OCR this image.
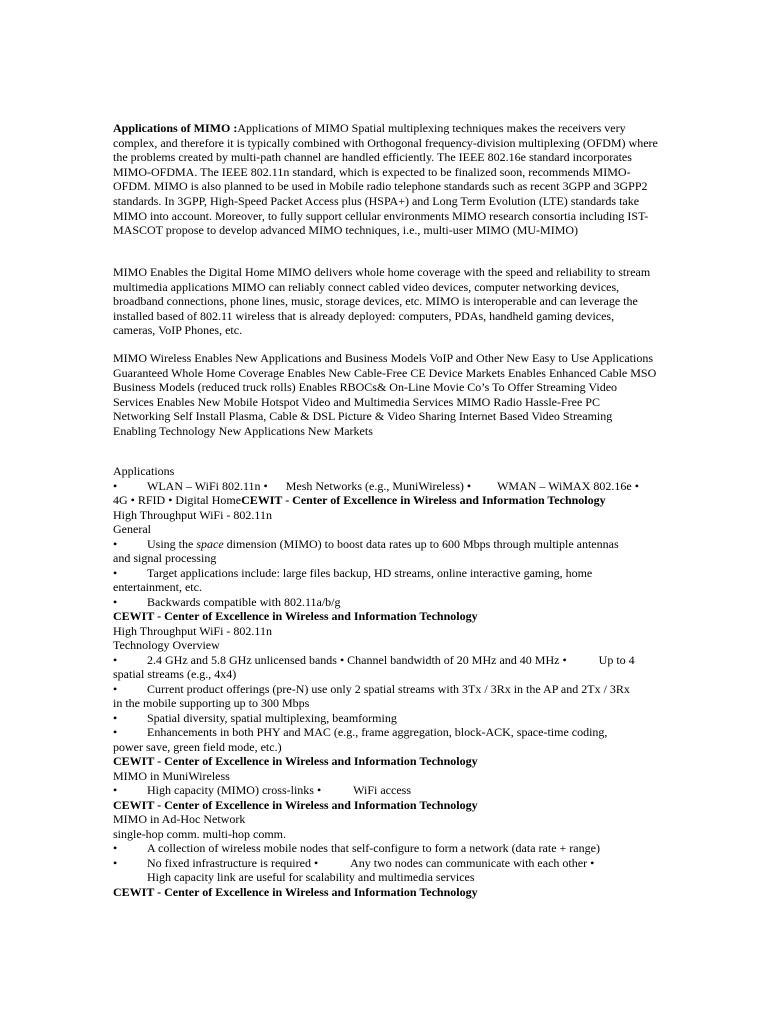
Applications of MIMO :Applications of MIMO Spatial multiplexing techniques makes the receivers very complex, and therefore it is typically combined with Orthogonal frequency-division multiplexing (OFDM) where the problems created by multi-path channel are handled efficiently. The IEEE 802.16e standard incorporates MIMO-OFDMA. The IEEE 802.11n standard, which is expected to be finalized soon, recommends MIMO-OFDM. MIMO is also planned to be used in Mobile radio telephone standards such as recent 3GPP and 3GPP2 standards. In 3GPP, High-Speed Packet Access plus (HSPA+) and Long Term Evolution (LTE) standards take MIMO into account. Moreover, to fully support cellular environments MIMO research consortia including IST-MASCOT propose to develop advanced MIMO techniques, i.e., multi-user MIMO (MU-MIMO)

MIMO Enables the Digital Home MIMO delivers whole home coverage with the speed and reliability to stream multimedia applications MIMO can reliably connect cabled video devices, computer networking devices, broadband connections, phone lines, music, storage devices, etc. MIMO is interoperable and can leverage the installed based of 802.11 wireless that is already deployed: computers, PDAs, handheld gaming devices, cameras, VoIP Phones, etc.

MIMO Wireless Enables New Applications and Business Models VoIP and Other New Easy to Use Applications Guaranteed Whole Home Coverage Enables New Cable-Free CE Device Markets Enables Enhanced Cable MSO Business Models (reduced truck rolls) Enables RBOCs& On-Line Movie Co’s To Offer Streaming Video Services Enables New Mobile Hotspot Video and Multimedia Services MIMO Radio Hassle-Free PC Networking Self Install Plasma, Cable & DSL Picture & Video Sharing Internet Based Video Streaming Enabling Technology New Applications New Markets

Applications
• WLAN – WiFi 802.11n • Mesh Networks (e.g., MuniWireless) • WMAN – WiMAX 802.16e •
4G • RFID • Digital HomeCEWIT - Center of Excellence in Wireless and Information Technology
High Throughput WiFi - 802.11n
General
• Using the space dimension (MIMO) to boost data rates up to 600 Mbps through multiple antennas
and signal processing
• Target applications include: large files backup, HD streams, online interactive gaming, home
entertainment, etc.
• Backwards compatible with 802.11a/b/g
CEWIT - Center of Excellence in Wireless and Information Technology
High Throughput WiFi - 802.11n
Technology Overview
• 2.4 GHz and 5.8 GHz unlicensed bands • Channel bandwidth of 20 MHz and 40 MHz •	Up to 4
spatial streams (e.g., 4x4)
• Current product offerings (pre-N) use only 2 spatial streams with 3Tx / 3Rx in the AP and 2Tx / 3Rx
in the mobile supporting up to 300 Mbps
• Spatial diversity, spatial multiplexing, beamforming
• Enhancements in both PHY and MAC (e.g., frame aggregation, block-ACK, space-time coding,
power save, green field mode, etc.)
CEWIT - Center of Excellence in Wireless and Information Technology
MIMO in MuniWireless
• High capacity (MIMO) cross-links •	WiFi access
CEWIT - Center of Excellence in Wireless and Information Technology
MIMO in Ad-Hoc Network
single-hop comm. multi-hop comm.
• A collection of wireless mobile nodes that self-configure to form a network (data rate + range)
• No fixed infrastructure is required •	Any two nodes can communicate with each other •
High capacity link are useful for scalability and multimedia services
CEWIT - Center of Excellence in Wireless and Information Technology
